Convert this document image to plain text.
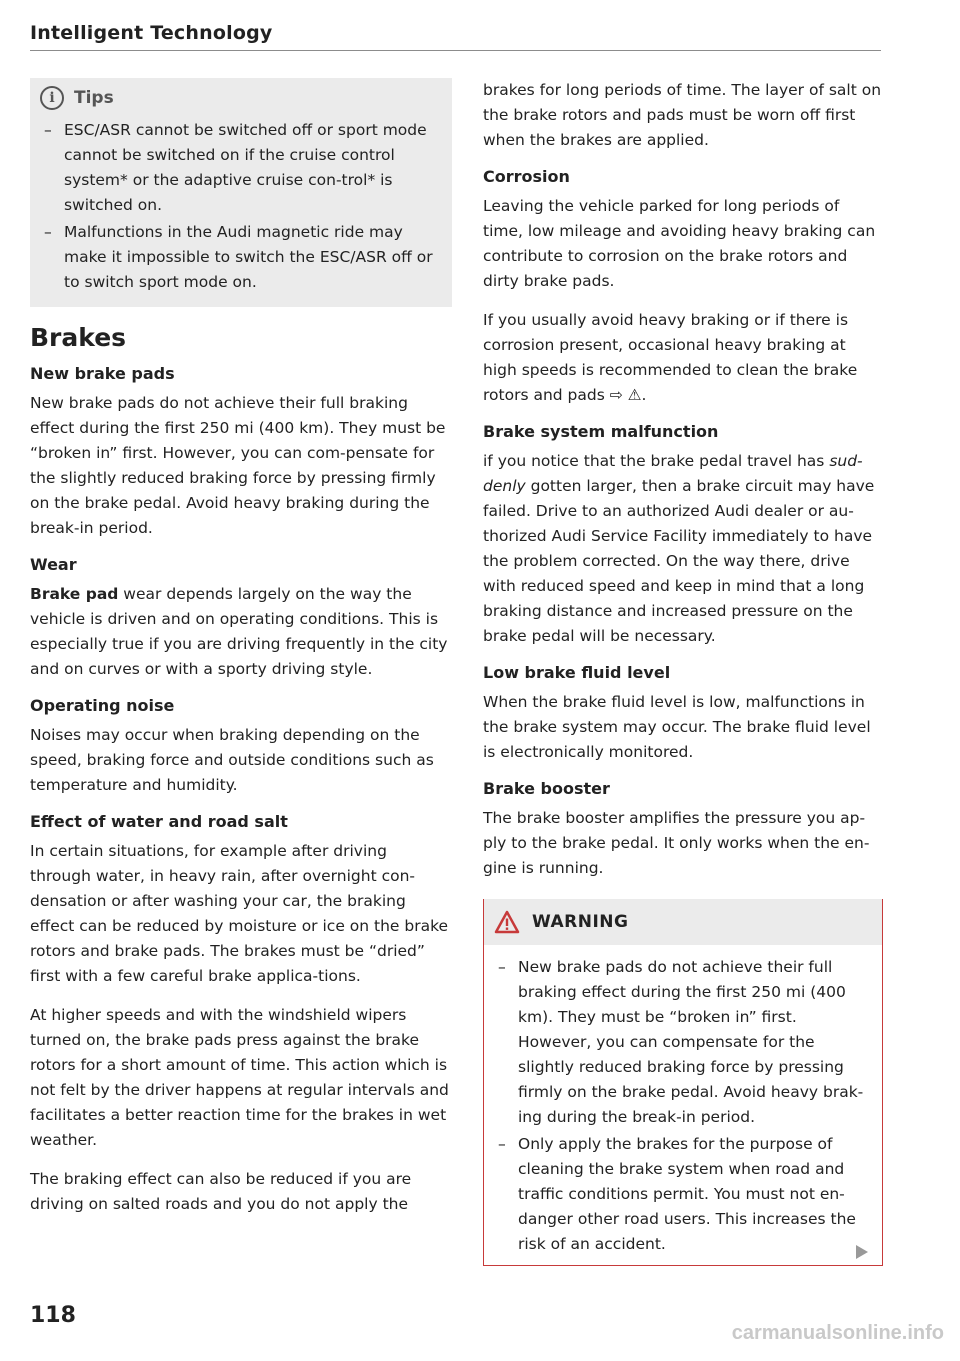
Intelligent Technology
i	Tips
– ESC/ASR cannot be switched off or sport mode cannot be switched on if the cruise control system* or the adaptive cruise con-trol* is switched on.
– Malfunctions in the Audi magnetic ride may make it impossible to switch the ESC/ASR off or to switch sport mode on.
Brakes
New brake pads

New brake pads do not achieve their full braking effect during the first 250 mi (400 km). They must be “broken in” first. However, you can com-pensate for the slightly reduced braking force by pressing firmly on the brake pedal. Avoid heavy braking during the break-in period.

Wear

Brake pad wear depends largely on the way the vehicle is driven and on operating conditions. This is especially true if you are driving frequently in the city and on curves or with a sporty driving style.

Operating noise

Noises may occur when braking depending on the speed, braking force and outside conditions such as temperature and humidity.

Effect of water and road salt

In certain situations, for example after driving through water, in heavy rain, after overnight con-densation or after washing your car, the braking effect can be reduced by moisture or ice on the brake rotors and brake pads. The brakes must be “dried” first with a few careful brake applica-tions.

At higher speeds and with the windshield wipers turned on, the brake pads press against the brake rotors for a short amount of time. This action which is not felt by the driver happens at regular intervals and facilitates a better reaction time for the brakes in wet weather.

The braking effect can also be reduced if you are driving on salted roads and you do not apply the

brakes for long periods of time. The layer of salt on the brake rotors and pads must be worn off first when the brakes are applied.

Corrosion

Leaving the vehicle parked for long periods of time, low mileage and avoiding heavy braking can contribute to corrosion on the brake rotors and dirty brake pads.

If you usually avoid heavy braking or if there is corrosion present, occasional heavy braking at high speeds is recommended to clean the brake rotors and pads ⇨ ⚠.

Brake system malfunction

if you notice that the brake pedal travel has sud-denly gotten larger, then a brake circuit may have failed. Drive to an authorized Audi dealer or au-thorized Audi Service Facility immediately to have the problem corrected. On the way there, drive with reduced speed and keep in mind that a long braking distance and increased pressure on the brake pedal will be necessary.

Low brake fluid level

When the brake fluid level is low, malfunctions in the brake system may occur. The brake fluid level is electronically monitored.

Brake booster

The brake booster amplifies the pressure you ap-ply to the brake pedal. It only works when the en-gine is running.

WARNING
– New brake pads do not achieve their full braking effect during the first 250 mi (400 km). They must be “broken in” first. However, you can compensate for the slightly reduced braking force by pressing firmly on the brake pedal. Avoid heavy brak-ing during the break-in period.
– Only apply the brakes for the purpose of cleaning the brake system when road and traffic conditions permit. You must not en-danger other road users. This increases the risk of an accident.
118
carmanualsonline.info
